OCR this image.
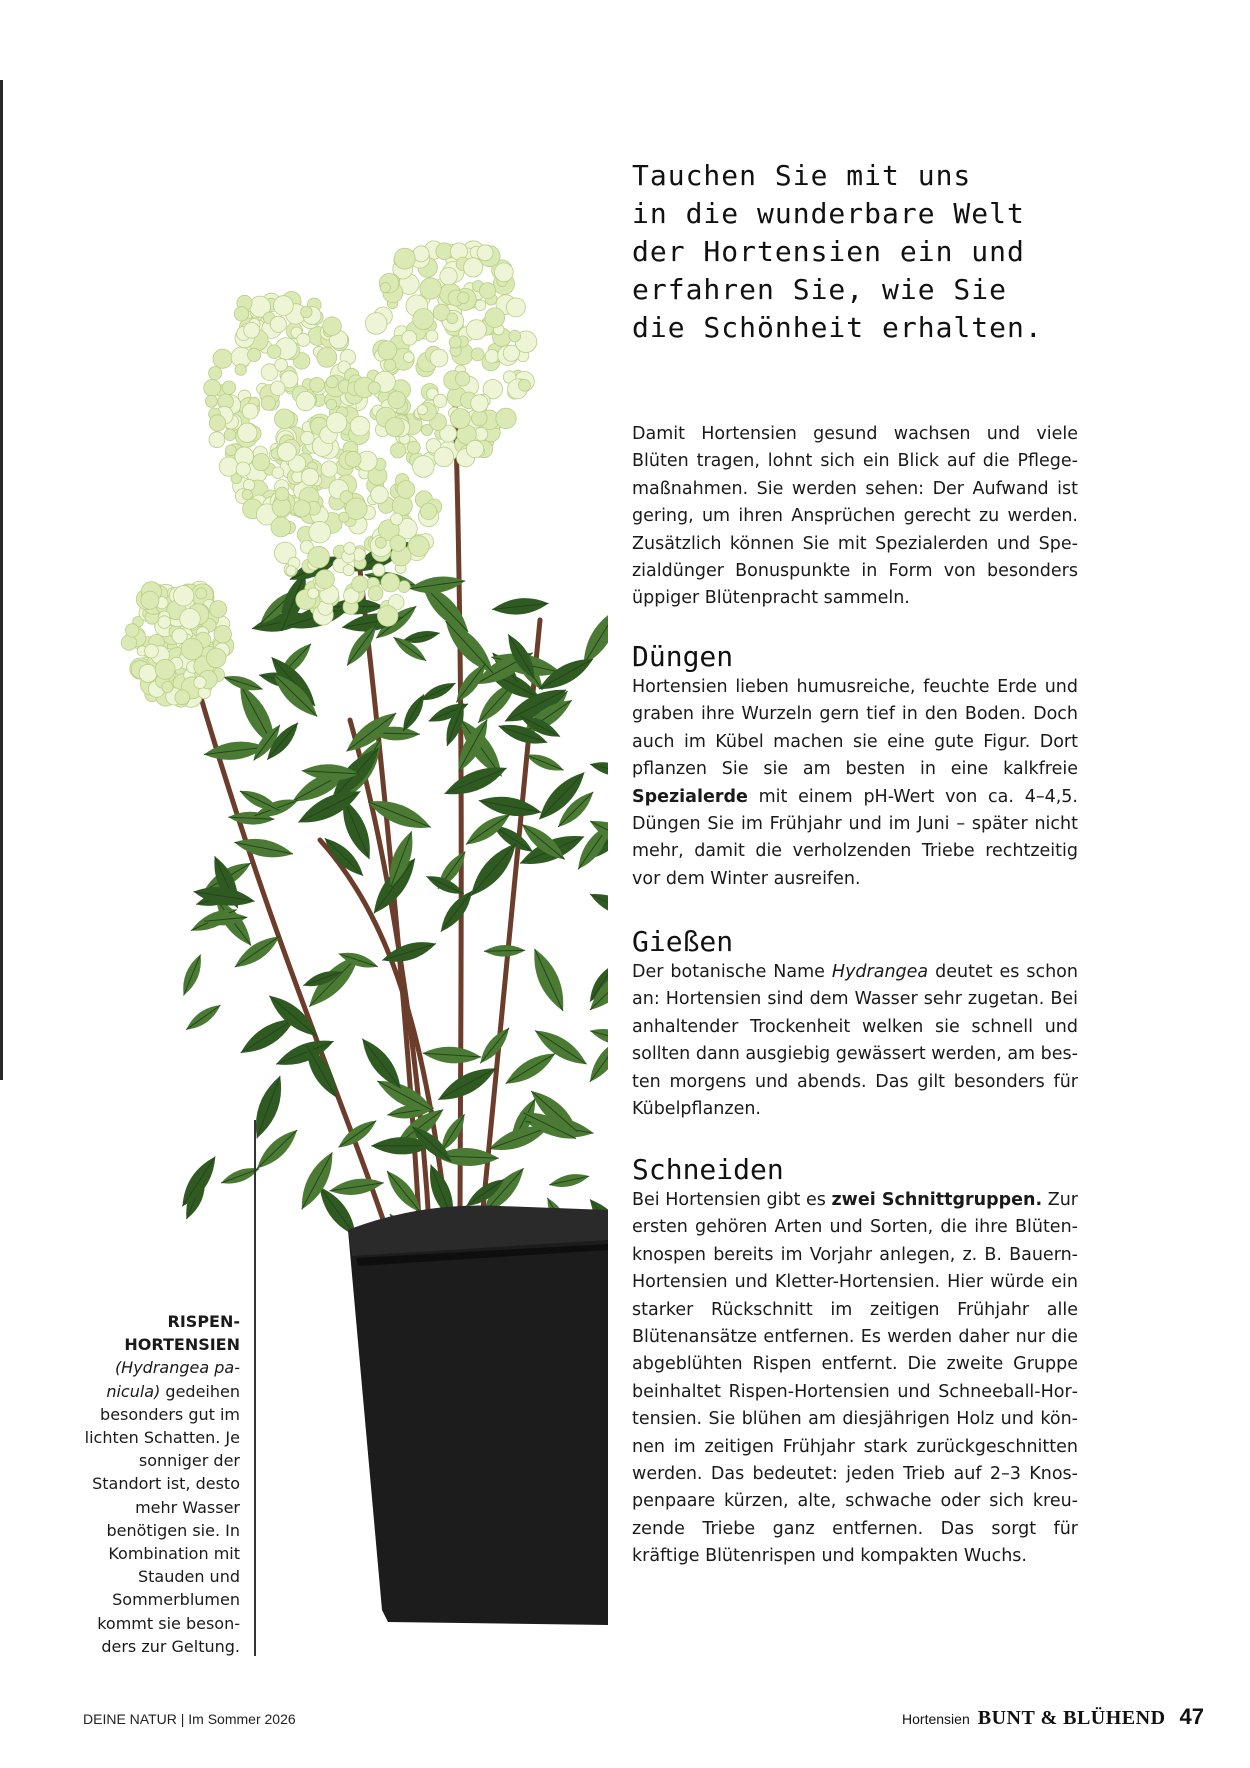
RISPEN-HORTENSIEN
(Hydrangea panicula) gedeihen besonders gut im lichten Schatten. Je sonniger der Standort ist, desto mehr Wasser benötigen sie. In Kombination mit Stauden und Sommerblumen kommt sie besonders zur Geltung.
Tauchen Sie mit uns
in die wunderbare Welt
der Hortensien ein und
erfahren Sie, wie Sie
die Schönheit erhalten.

Damit Hortensien gesund wachsen und viele Blüten tragen, lohnt sich ein Blick auf die Pflegemaßnahmen. Sie werden sehen: Der Aufwand ist gering, um ihren Ansprüchen gerecht zu werden. Zusätzlich können Sie mit Spezialerden und Spezialdünger Bonuspunkte in Form von besonders üppiger Blütenpracht sammeln.

Düngen

Hortensien lieben humusreiche, feuchte Erde und graben ihre Wurzeln gern tief in den Boden. Doch auch im Kübel machen sie eine gute Figur. Dort pflanzen Sie sie am besten in eine kalkfreie Spezialerde mit einem pH-Wert von ca. 4–4,5. Düngen Sie im Frühjahr und im Juni – später nicht mehr, damit die verholzenden Triebe rechtzeitig vor dem Winter ausreifen.

Gießen

Der botanische Name Hydrangea deutet es schon an: Hortensien sind dem Wasser sehr zugetan. Bei anhaltender Trockenheit welken sie schnell und sollten dann ausgiebig gewässert werden, am besten morgens und abends. Das gilt besonders für Kübelpflanzen.

Schneiden

Bei Hortensien gibt es zwei Schnittgruppen. Zur ersten gehören Arten und Sorten, die ihre Blütenknospen bereits im Vorjahr anlegen, z. B. Bauern-Hortensien und Kletter-Hortensien. Hier würde ein starker Rückschnitt im zeitigen Frühjahr alle Blütenansätze entfernen. Es werden daher nur die abgeblühten Rispen entfernt. Die zweite Gruppe beinhaltet Rispen-Hortensien und Schneeball-Hortensien. Sie blühen am diesjährigen Holz und können im zeitigen Frühjahr stark zurückgeschnitten werden. Das bedeutet: jeden Trieb auf 2–3 Knospenpaare kürzen, alte, schwache oder sich kreuzende Triebe ganz entfernen. Das sorgt für kräftige Blütenrispen und kompakten Wuchs.

DEINE NATUR | Im Sommer 2026	Hortensien BUNT & BLÜHEND 47
